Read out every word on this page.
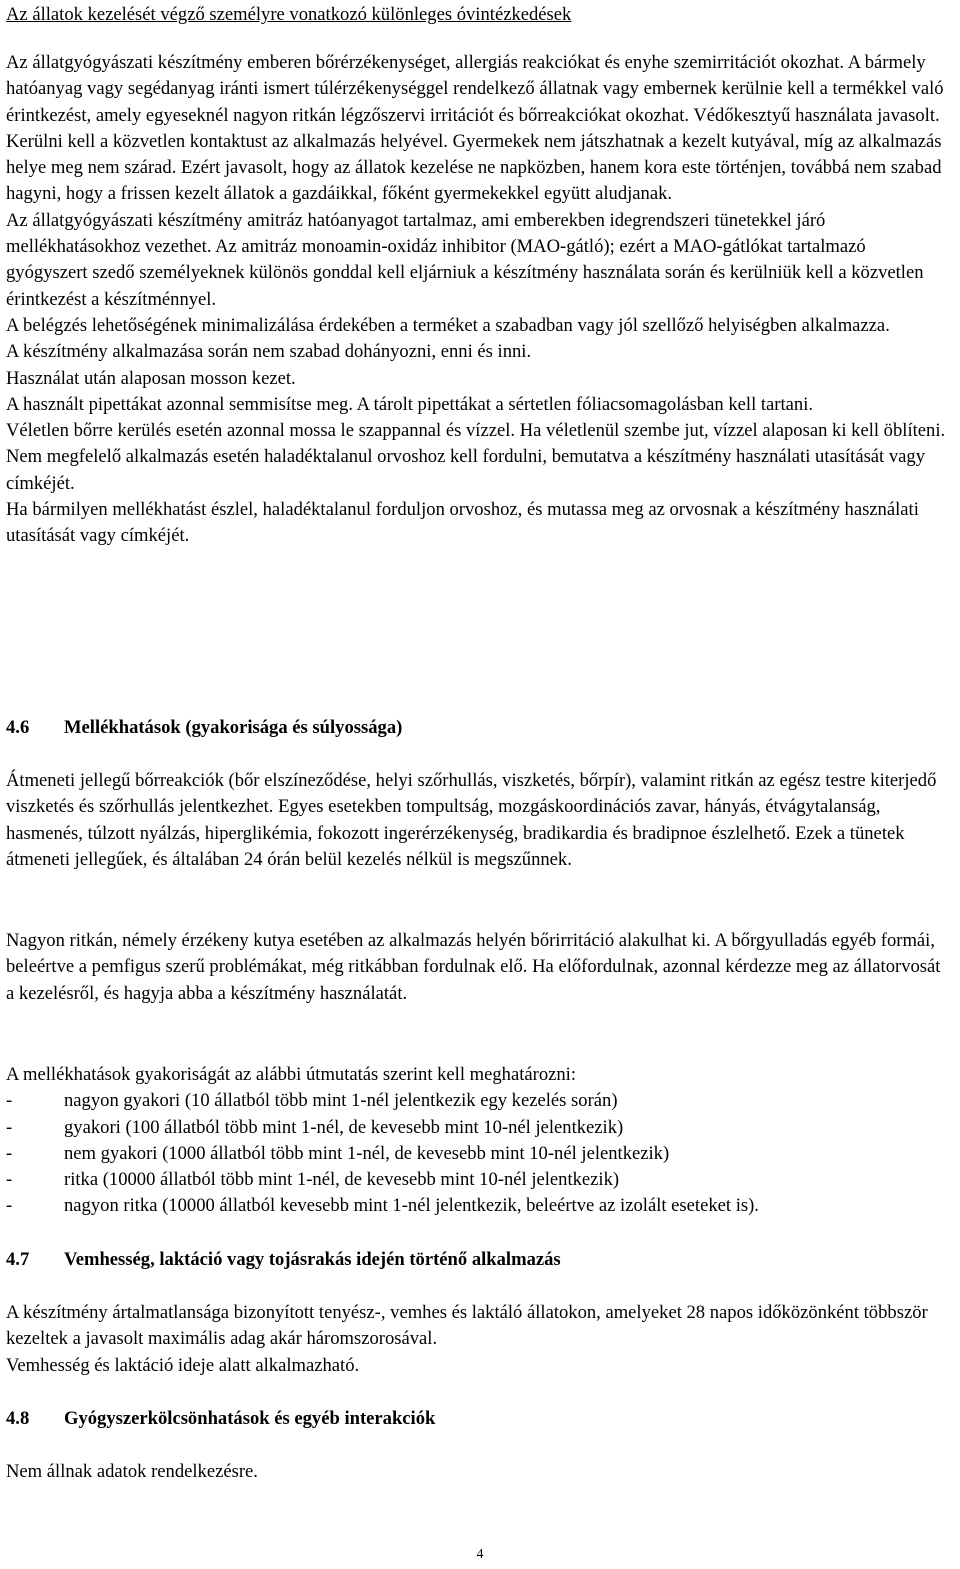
Az állatok kezelését végző személyre vonatkozó különleges óvintézkedések

Az állatgyógyászati készítmény emberen bőrérzékenységet, allergiás reakciókat és enyhe szemirritációt okozhat. A bármely hatóanyag vagy segédanyag iránti ismert túlérzékenységgel rendelkező állatnak vagy embernek kerülnie kell a termékkel való érintkezést, amely egyeseknél nagyon ritkán légzőszervi irritációt és bőrreakciókat okozhat. Védőkesztyű használata javasolt. Kerülni kell a közvetlen kontaktust az alkalmazás helyével. Gyermekek nem játszhatnak a kezelt kutyával, míg az alkalmazás helye meg nem szárad. Ezért javasolt, hogy az állatok kezelése ne napközben, hanem kora este történjen, továbbá nem szabad hagyni, hogy a frissen kezelt állatok a gazdáikkal, főként gyermekekkel együtt aludjanak.

Az állatgyógyászati készítmény amitráz hatóanyagot tartalmaz, ami emberekben idegrendszeri tünetekkel járó mellékhatásokhoz vezethet. Az amitráz monoamin-oxidáz inhibitor (MAO-gátló); ezért a MAO-gátlókat tartalmazó gyógyszert szedő személyeknek különös gonddal kell eljárniuk a készítmény használata során és kerülniük kell a közvetlen érintkezést a készítménnyel.

A belégzés lehetőségének minimalizálása érdekében a terméket a szabadban vagy jól szellőző helyiségben alkalmazza.

A készítmény alkalmazása során nem szabad dohányozni, enni és inni.

Használat után alaposan mosson kezet.

A használt pipettákat azonnal semmisítse meg. A tárolt pipettákat a sértetlen fóliacsomagolásban kell tartani.

Véletlen bőrre kerülés esetén azonnal mossa le szappannal és vízzel. Ha véletlenül szembe jut, vízzel alaposan ki kell öblíteni.

Nem megfelelő alkalmazás esetén haladéktalanul orvoshoz kell fordulni, bemutatva a készítmény használati utasítását vagy címkéjét.

Ha bármilyen mellékhatást észlel, haladéktalanul forduljon orvoshoz, és mutassa meg az orvosnak a készítmény használati utasítását vagy címkéjét.

4.6	Mellékhatások (gyakorisága és súlyossága)

Átmeneti jellegű bőrreakciók (bőr elszíneződése, helyi szőrhullás, viszketés, bőrpír), valamint ritkán az egész testre kiterjedő viszketés és szőrhullás jelentkezhet. Egyes esetekben tompultság, mozgáskoordinációs zavar, hányás, étvágytalanság, hasmenés, túlzott nyálzás, hiperglikémia, fokozott ingerérzékenység, bradikardia és bradipnoe észlelhető. Ezek a tünetek átmeneti jellegűek, és általában 24 órán belül kezelés nélkül is megszűnnek.

Nagyon ritkán, némely érzékeny kutya esetében az alkalmazás helyén bőrirritáció alakulhat ki. A bőrgyulladás egyéb formái, beleértve a pemfigus szerű problémákat, még ritkábban fordulnak elő. Ha előfordulnak, azonnal kérdezze meg az állatorvosát a kezelésről, és hagyja abba a készítmény használatát.

A mellékhatások gyakoriságát az alábbi útmutatás szerint kell meghatározni:

-	nagyon gyakori (10 állatból több mint 1-nél jelentkezik egy kezelés során)
-	gyakori (100 állatból több mint 1-nél, de kevesebb mint 10-nél jelentkezik)
-	nem gyakori (1000 állatból több mint 1-nél, de kevesebb mint 10-nél jelentkezik)
-	ritka (10000 állatból több mint 1-nél, de kevesebb mint 10-nél jelentkezik)
-	nagyon ritka (10000 állatból kevesebb mint 1-nél jelentkezik, beleértve az izolált eseteket is).
4.7	Vemhesség, laktáció vagy tojásrakás idején történő alkalmazás

A készítmény ártalmatlansága bizonyított tenyész-, vemhes és laktáló állatokon, amelyeket 28 napos időközönként többször kezeltek a javasolt maximális adag akár háromszorosával.

Vemhesség és laktáció ideje alatt alkalmazható.

4.8	Gyógyszerkölcsönhatások és egyéb interakciók

Nem állnak adatok rendelkezésre.

4
